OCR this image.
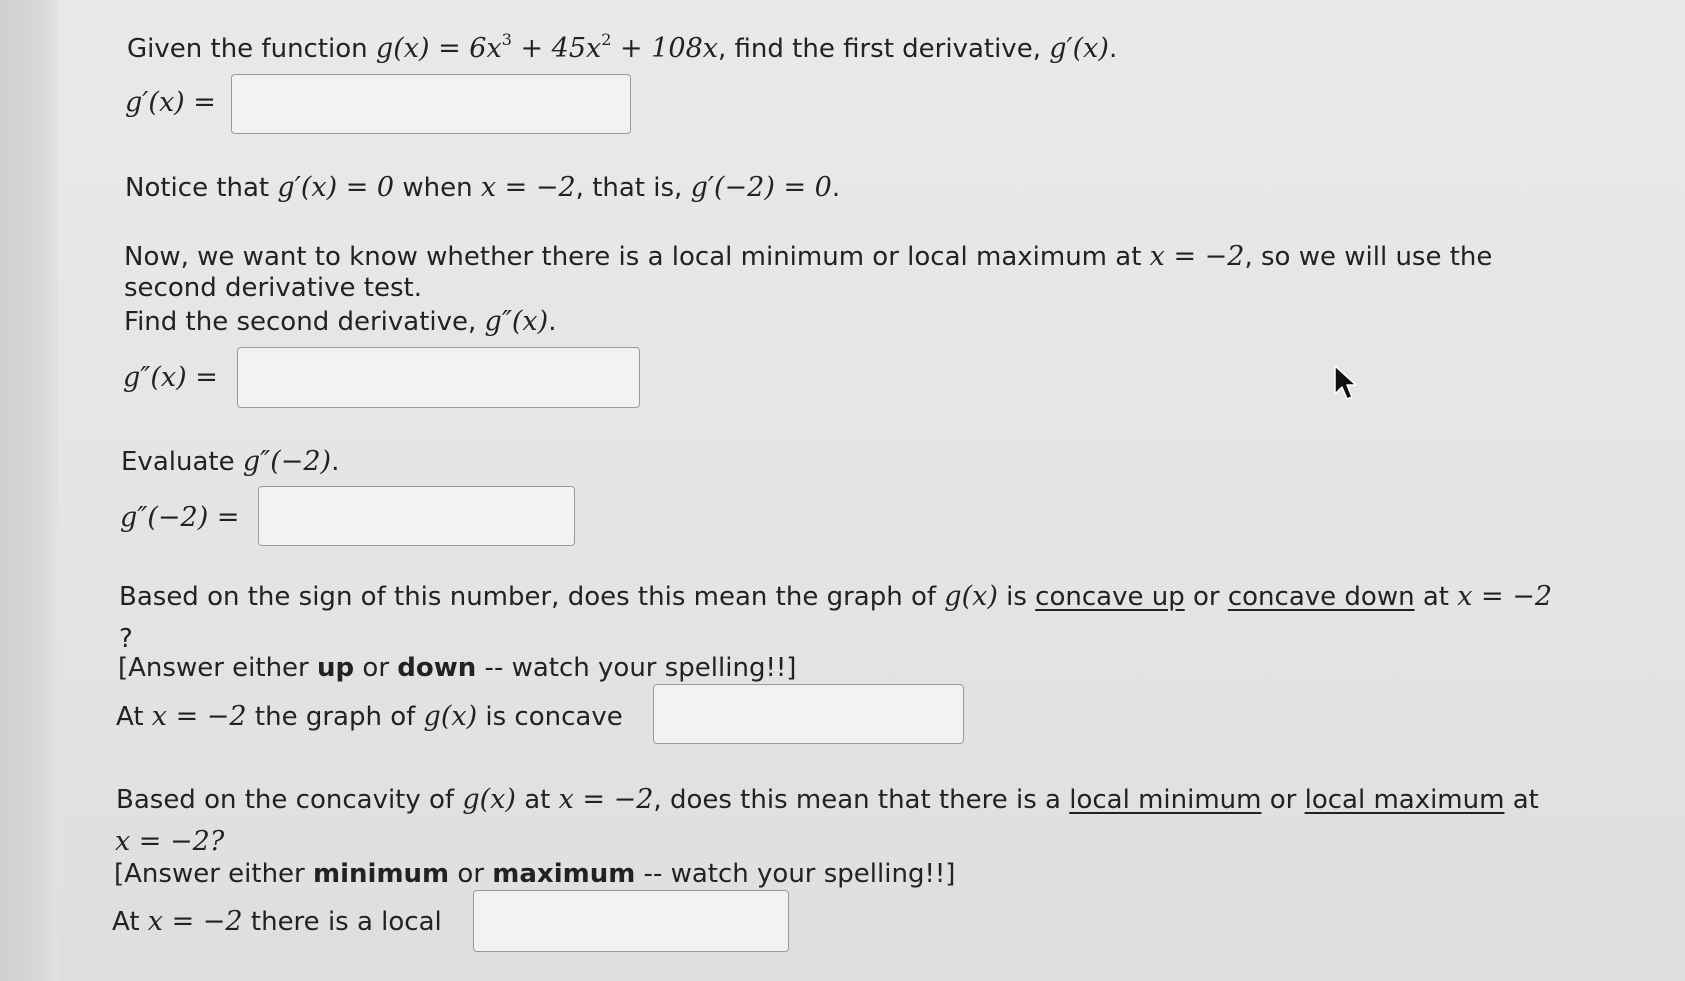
Given the function $g(x) = 6x^3 + 45x^2 + 108x$, find the first derivative, g′(x).
g′(x) =
Notice that g′(x) = 0 when x = −2, that is, g′(−2) = 0.
Now, we want to know whether there is a local minimum or local maximum at x = −2, so we will use the
second derivative test.
Find the second derivative, g″(x).
g″(x) =
Evaluate g″(−2).
g″(−2) =
Based on the sign of this number, does this mean the graph of g(x) is concave up or concave down at x = −2
?
[Answer either up or down -- watch your spelling!!]
At x = −2 the graph of g(x) is concave
Based on the concavity of g(x) at x = −2, does this mean that there is a local minimum or local maximum at
x = −2?
[Answer either minimum or maximum -- watch your spelling!!]
At x = −2 there is a local
